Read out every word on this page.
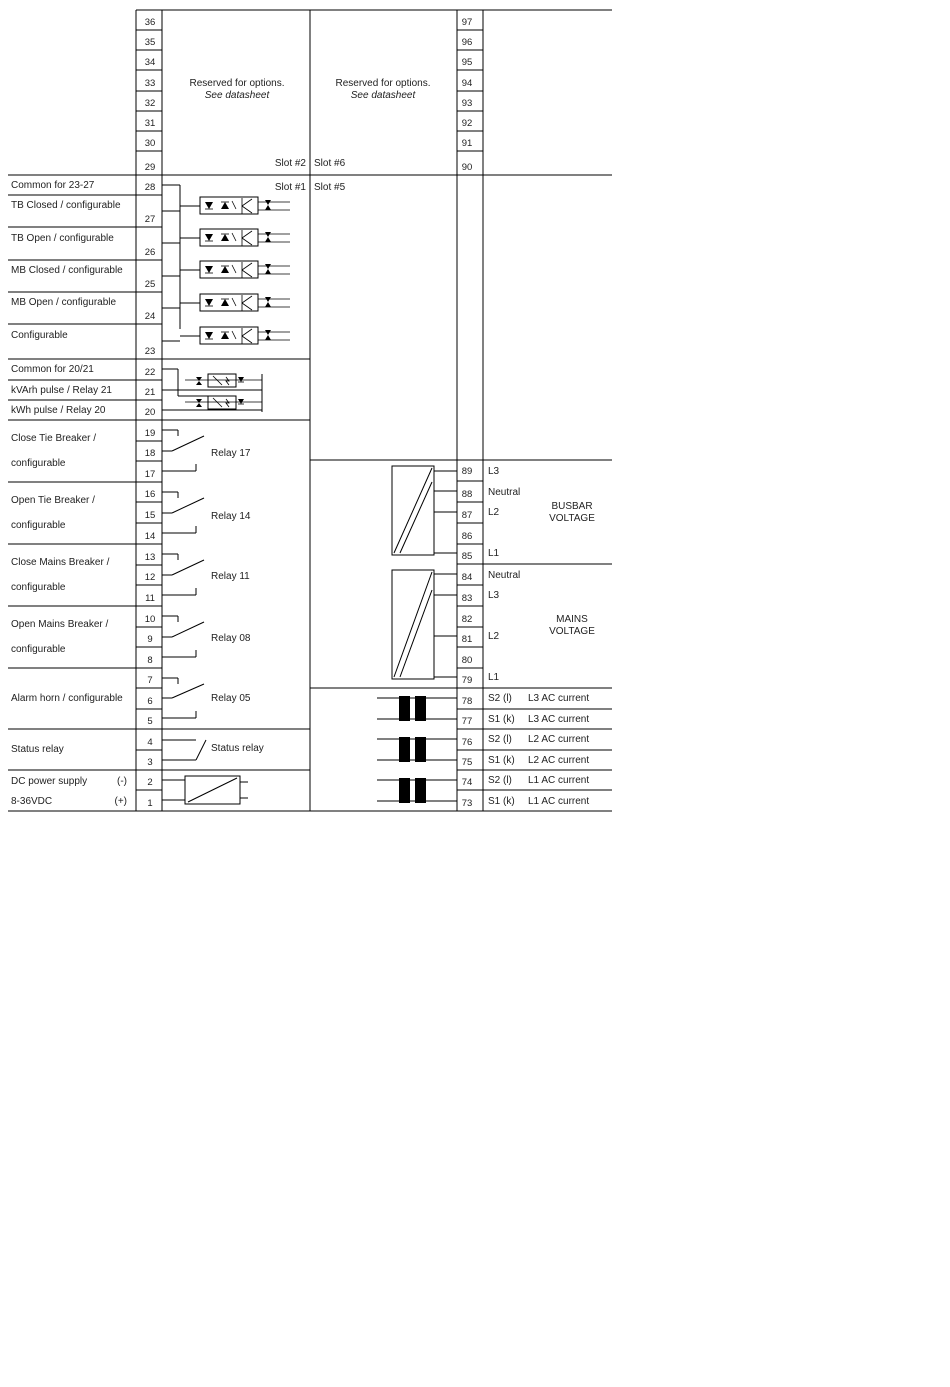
36
35
34
33
32
31
30
29
28
27
26
25
24
23
22
21
20
19
18
17
16
15
14
13
12
11
10
9
8
7
6
5
4
3
2
1
97
96
95
94
93
92
91
90
89
88
87
86
85
84
83
82
81
80
79
78
77
76
75
74
73
Reserved for options.
See datasheet
Reserved for options.
See datasheet
Slot #2 Slot #6
Slot #1 Slot #5
Common for 23-27
TB Closed / configurable
TB Open / configurable
MB Closed / configurable
MB Open / configurable
Configurable
Common for 20/21
kVArh pulse / Relay 21
kWh pulse / Relay 20
Close Tie Breaker /
configurable
Open Tie Breaker /
configurable
Close Mains Breaker /
configurable
Open Mains Breaker /
configurable
Alarm horn / configurable
Status relay
DC power supply	(-)
8-36VDC	(+)
Relay 17
Relay 14
Relay 11
Relay 08
Relay 05
Status relay
L3
Neutral
L2
L1
BUSBAR
VOLTAGE
Neutral
L3
L2
L1
MAINS
VOLTAGE
S2 (l) L3 AC current
S1 (k) L3 AC current
S2 (l) L2 AC current
S1 (k) L2 AC current
S2 (l) L1 AC current
S1 (k) L1 AC current
